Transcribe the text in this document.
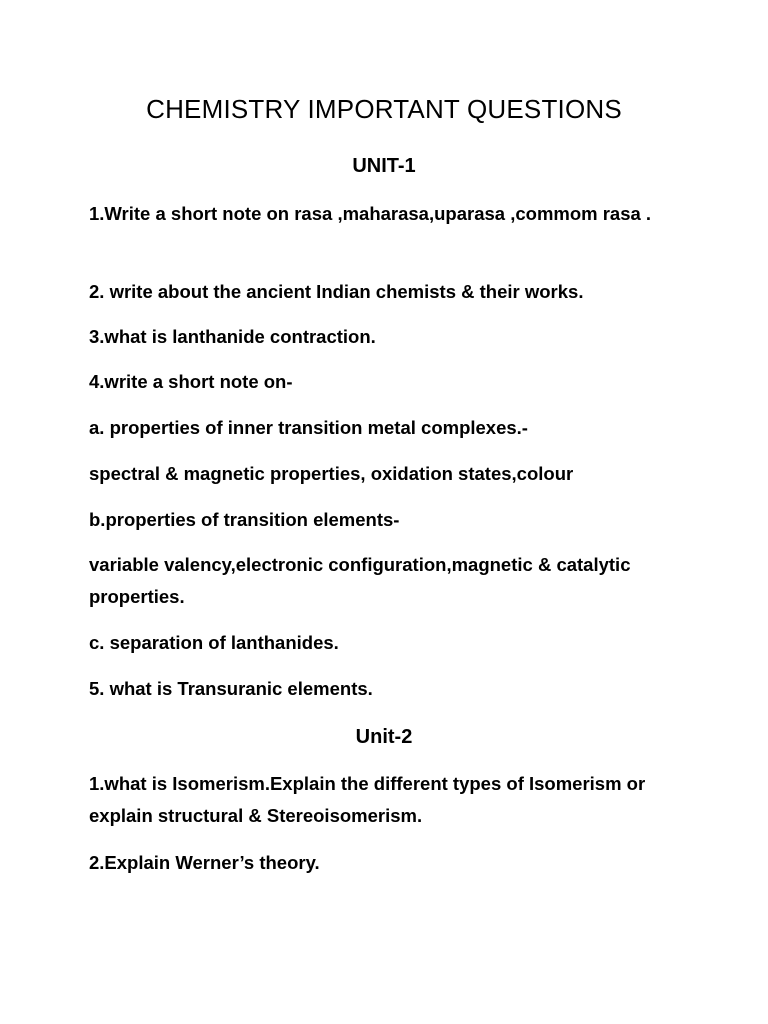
CHEMISTRY IMPORTANT QUESTIONS
UNIT-1

1.Write a short note on rasa ,maharasa,uparasa ,commom rasa .

2. write about the ancient Indian chemists & their works.

3.what is lanthanide contraction.

4.write a short note on-

a. properties of inner transition metal complexes.-

spectral & magnetic properties, oxidation states,colour

b.properties of transition elements-

variable valency,electronic configuration,magnetic & catalytic properties.

c. separation of lanthanides.

5. what is Transuranic elements.

Unit-2

1.what is Isomerism.Explain the different types of Isomerism or explain structural & Stereoisomerism.

2.Explain Werner’s theory.
